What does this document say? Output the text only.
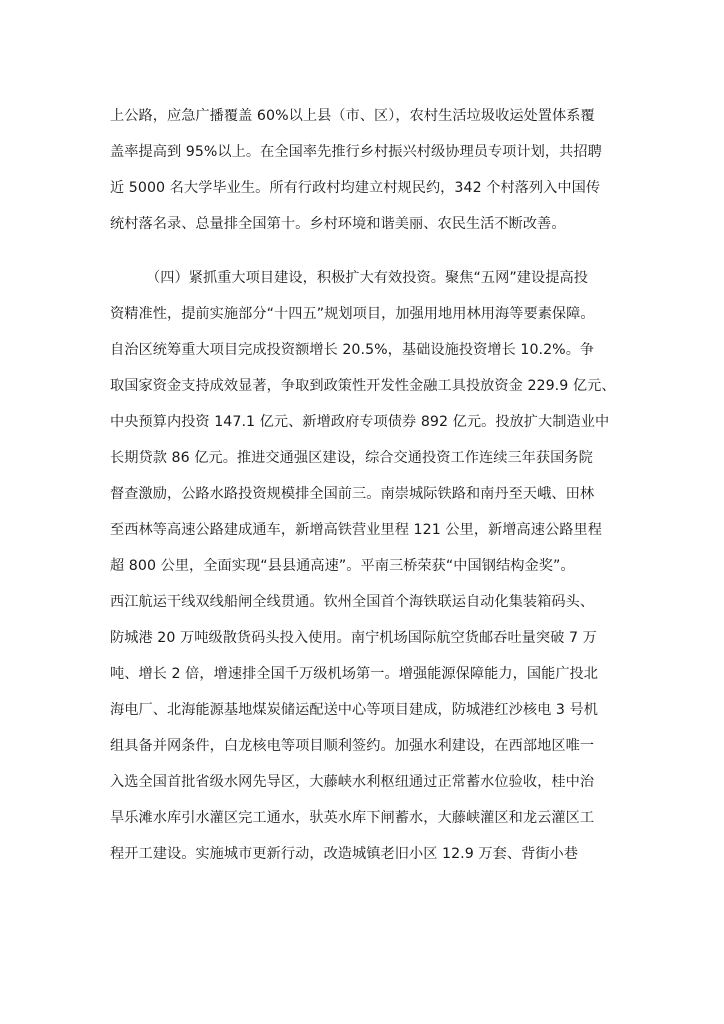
上公路，应急广播覆盖 60%以上县（市、区），农村生活垃圾收运处置体系覆
盖率提高到 95%以上。在全国率先推行乡村振兴村级协理员专项计划，共招聘
近 5000 名大学毕业生。所有行政村均建立村规民约，342 个村落列入中国传
统村落名录、总量排全国第十。乡村环境和谐美丽、农民生活不断改善。
（四）紧抓重大项目建设，积极扩大有效投资。聚焦“五网”建设提高投
资精准性，提前实施部分“十四五”规划项目，加强用地用林用海等要素保障。
自治区统筹重大项目完成投资额增长 20.5%，基础设施投资增长 10.2%。争
取国家资金支持成效显著，争取到政策性开发性金融工具投放资金 229.9 亿元、
中央预算内投资 147.1 亿元、新增政府专项债券 892 亿元。投放扩大制造业中
长期贷款 86 亿元。推进交通强区建设，综合交通投资工作连续三年获国务院
督查激励，公路水路投资规模排全国前三。南崇城际铁路和南丹至天峨、田林
至西林等高速公路建成通车，新增高铁营业里程 121 公里，新增高速公路里程
超 800 公里，全面实现“县县通高速”。平南三桥荣获“中国钢结构金奖”。
西江航运干线双线船闸全线贯通。钦州全国首个海铁联运自动化集装箱码头、
防城港 20 万吨级散货码头投入使用。南宁机场国际航空货邮吞吐量突破 7 万
吨、增长 2 倍，增速排全国千万级机场第一。增强能源保障能力，国能广投北
海电厂、北海能源基地煤炭储运配送中心等项目建成，防城港红沙核电 3 号机
组具备并网条件，白龙核电等项目顺利签约。加强水利建设，在西部地区唯一
入选全国首批省级水网先导区，大藤峡水利枢纽通过正常蓄水位验收，桂中治
旱乐滩水库引水灌区完工通水，驮英水库下闸蓄水，大藤峡灌区和龙云灌区工
程开工建设。实施城市更新行动，改造城镇老旧小区 12.9 万套、背街小巷
